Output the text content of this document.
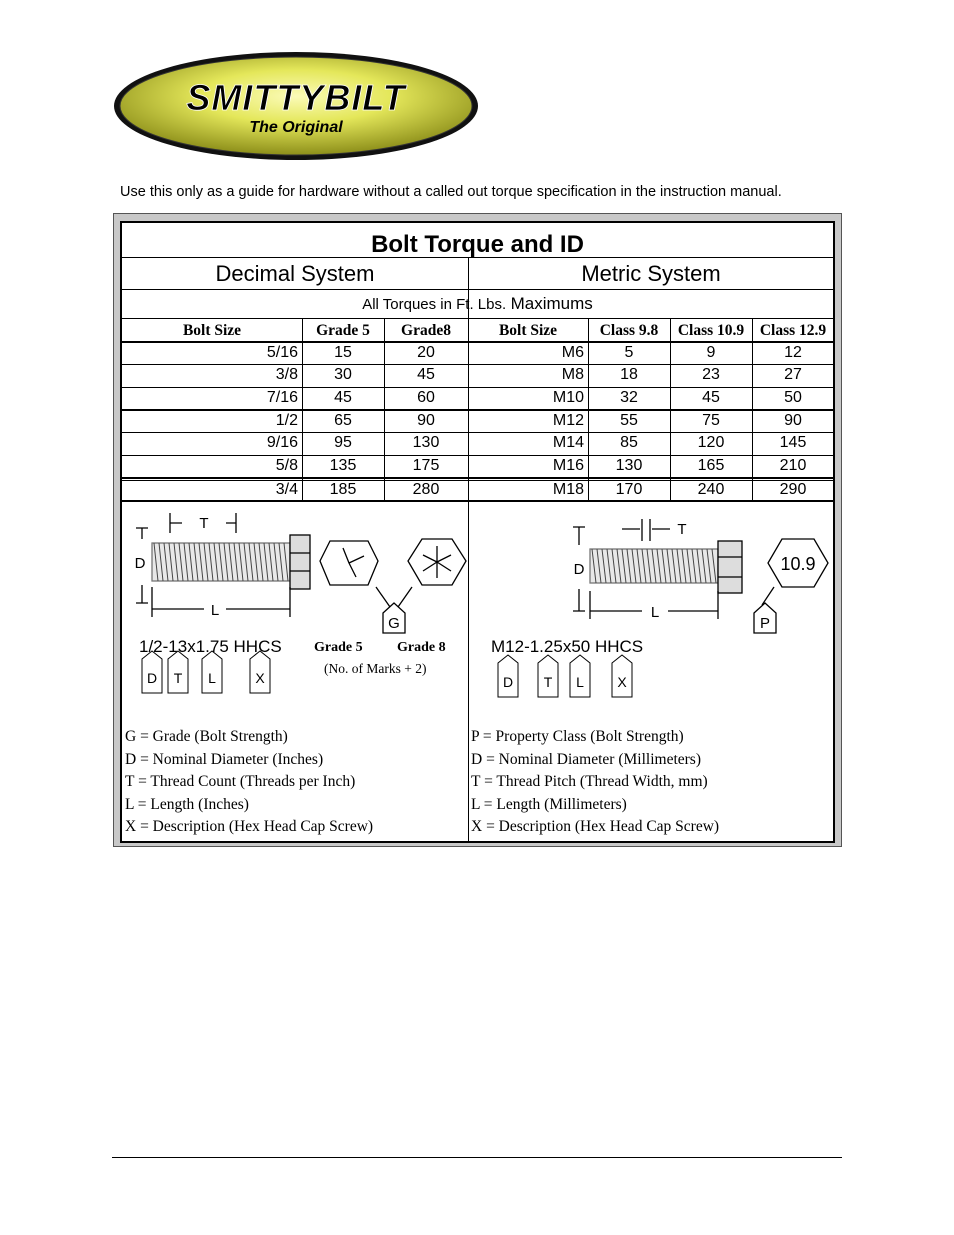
SMITTYBILT
The Original
Use this only as a guide for hardware without a called out torque specification in the instruction manual.
Bolt Torque and ID
Decimal System	Metric System
All Torques in Ft. Lbs. Maximums
Bolt Size	Grade 5	Grade8	Bolt Size	Class 9.8	Class 10.9	Class 12.9
5/16	15	20	M6	5	9	12
3/8	30	45	M8	18	23	27
7/16	45	60	M10	32	45	50
1/2	65	90	M12	55	75	90
9/16	95	130	M14	85	120	145
5/8	135	175	M16	130	165	210
3/4	185	280	M18	170	240	290
T
D
L
G
T
D
L
P
10.9
D T L	X	D T L X
1/2-13x1.75 HHCS Grade 5 Grade 8
(No. of Marks + 2)
M12-1.25x50 HHCS
G = Grade (Bolt Strength)
D = Nominal Diameter (Inches)
T = Thread Count (Threads per Inch)
L = Length (Inches)
X = Description (Hex Head Cap Screw)
P = Property Class (Bolt Strength)
D = Nominal Diameter (Millimeters)
T = Thread Pitch (Thread Width, mm)
L = Length (Millimeters)
X = Description (Hex Head Cap Screw)
